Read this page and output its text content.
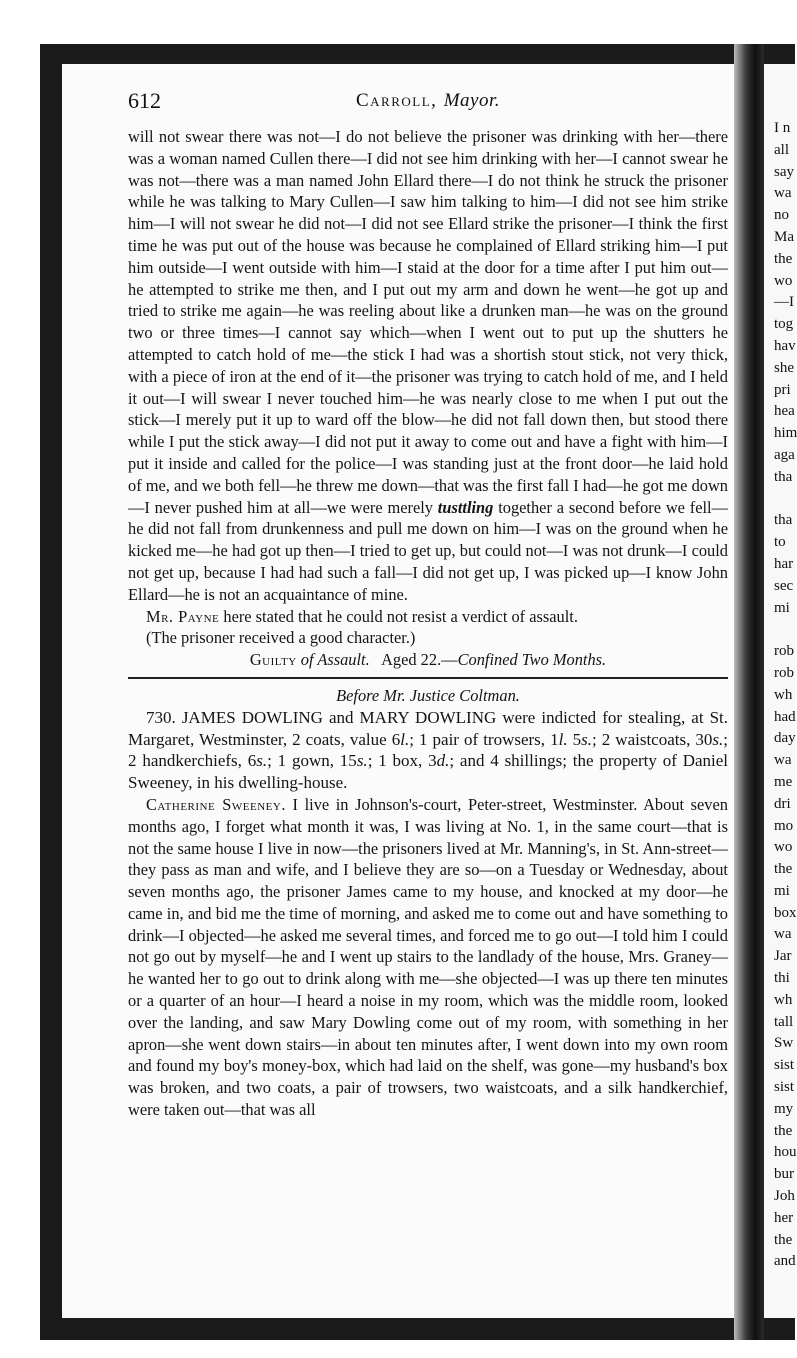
I n
all
say
wa
no
Ma
the
wo
—I
tog
hav
she
pri
hea
him
aga
tha
tha
to
har
sec
mi
rob
rob
wh
had
day
wa
me
dri
mo
wo
the
mi
box
wa
Jar
thi
wh
tall
Sw
sist
sist
my
the
hou
bur
Joh
her
the
and
612	Carroll, Mayor.

will not swear there was not—I do not believe the prisoner was drinking with her—there was a woman named Cullen there—I did not see him drinking with her—I cannot swear he was not—there was a man named John Ellard there—I do not think he struck the prisoner while he was talking to Mary Cullen—I saw him talking to him—I did not see him strike him—I will not swear he did not—I did not see Ellard strike the prisoner—I think the first time he was put out of the house was because he complained of Ellard striking him—I put him outside—I went outside with him—I staid at the door for a time after I put him out—he attempted to strike me then, and I put out my arm and down he went—he got up and tried to strike me again—he was reeling about like a drunken man—he was on the ground two or three times—I cannot say which—when I went out to put up the shutters he attempted to catch hold of me—the stick I had was a shortish stout stick, not very thick, with a piece of iron at the end of it—the prisoner was trying to catch hold of me, and I held it out—I will swear I never touched him—he was nearly close to me when I put out the stick—I merely put it up to ward off the blow—he did not fall down then, but stood there while I put the stick away—I did not put it away to come out and have a fight with him—I put it inside and called for the police—I was standing just at the front door—he laid hold of me, and we both fell—he threw me down—that was the first fall I had—he got me down—I never pushed him at all—we were merely tusttling together a second before we fell—he did not fall from drunkenness and pull me down on him—I was on the ground when he kicked me—he had got up then—I tried to get up, but could not—I was not drunk—I could not get up, because I had had such a fall—I did not get up, I was picked up—I know John Ellard—he is not an acquaintance of mine.

Mr. Payne here stated that he could not resist a verdict of assault.

(The prisoner received a good character.)

Guilty of Assault. Aged 22.—Confined Two Months.

Before Mr. Justice Coltman.

730. JAMES DOWLING and MARY DOWLING were indicted for stealing, at St. Margaret, Westminster, 2 coats, value 6l.; 1 pair of trowsers, 1l. 5s.; 2 waistcoats, 30s.; 2 handkerchiefs, 6s.; 1 gown, 15s.; 1 box, 3d.; and 4 shillings; the property of Daniel Sweeney, in his dwelling-house.

Catherine Sweeney. I live in Johnson's-court, Peter-street, Westminster. About seven months ago, I forget what month it was, I was living at No. 1, in the same court—that is not the same house I live in now—the prisoners lived at Mr. Manning's, in St. Ann-street—they pass as man and wife, and I believe they are so—on a Tuesday or Wednesday, about seven months ago, the prisoner James came to my house, and knocked at my door—he came in, and bid me the time of morning, and asked me to come out and have something to drink—I objected—he asked me several times, and forced me to go out—I told him I could not go out by myself—he and I went up stairs to the landlady of the house, Mrs. Graney—he wanted her to go out to drink along with me—she objected—I was up there ten minutes or a quarter of an hour—I heard a noise in my room, which was the middle room, looked over the landing, and saw Mary Dowling come out of my room, with something in her apron—she went down stairs—in about ten minutes after, I went down into my own room and found my boy's money-box, which had laid on the shelf, was gone—my husband's box was broken, and two coats, a pair of trowsers, two waistcoats, and a silk handkerchief, were taken out—that was all
